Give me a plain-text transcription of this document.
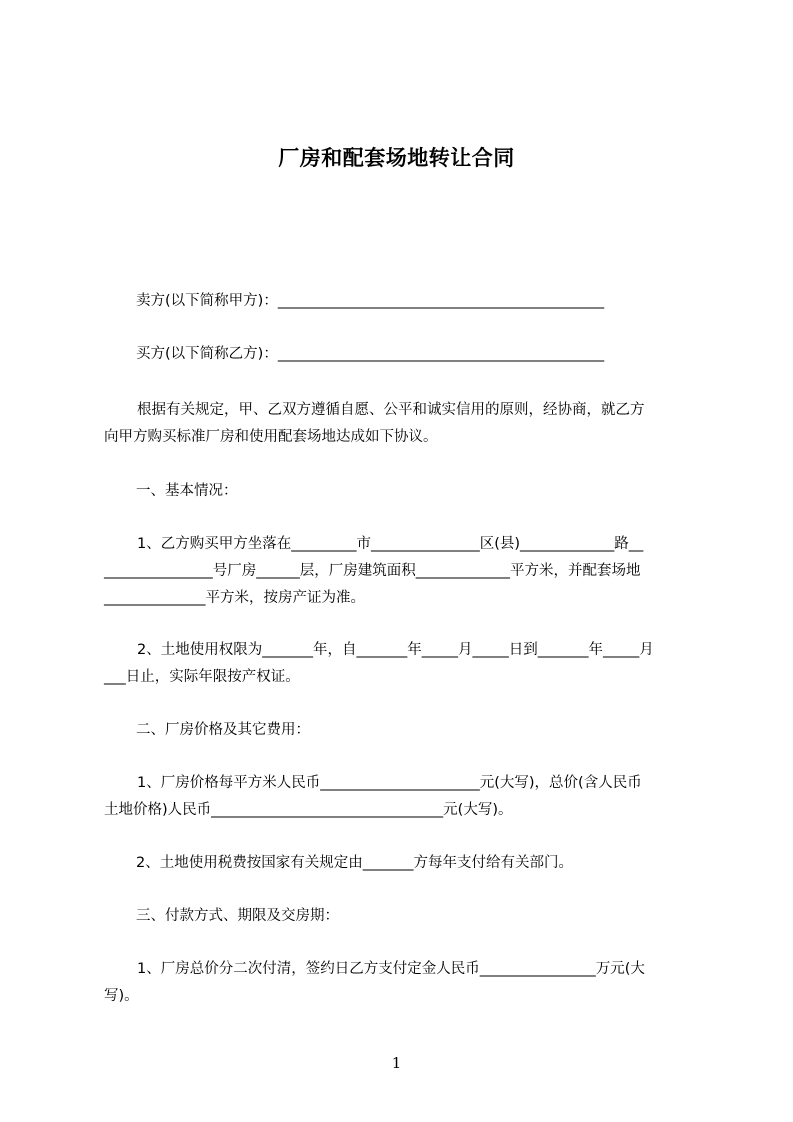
厂房和配套场地转让合同

卖方(以下简称甲方)：_____________________________________________

买方(以下简称乙方)：_____________________________________________

根据有关规定，甲、乙双方遵循自愿、公平和诚实信用的原则，经协商，就乙方

向甲方购买标准厂房和使用配套场地达成如下协议。

一、基本情况：

1、乙方购买甲方坐落在_________市_______________区(县)_____________路__

_______________号厂房______层，厂房建筑面积_____________平方米，并配套场地

______________平方米，按房产证为准。

2、土地使用权限为_______年，自_______年_____月_____日到_______年_____月

___日止，实际年限按产权证。

二、厂房价格及其它费用：

1、厂房价格每平方米人民币______________________元(大写)，总价(含人民币

土地价格)人民币________________________________元(大写)。

2、土地使用税费按国家有关规定由_______方每年支付给有关部门。

三、付款方式、期限及交房期：

1、厂房总价分二次付清，签约日乙方支付定金人民币________________万元(大

写)。

1
